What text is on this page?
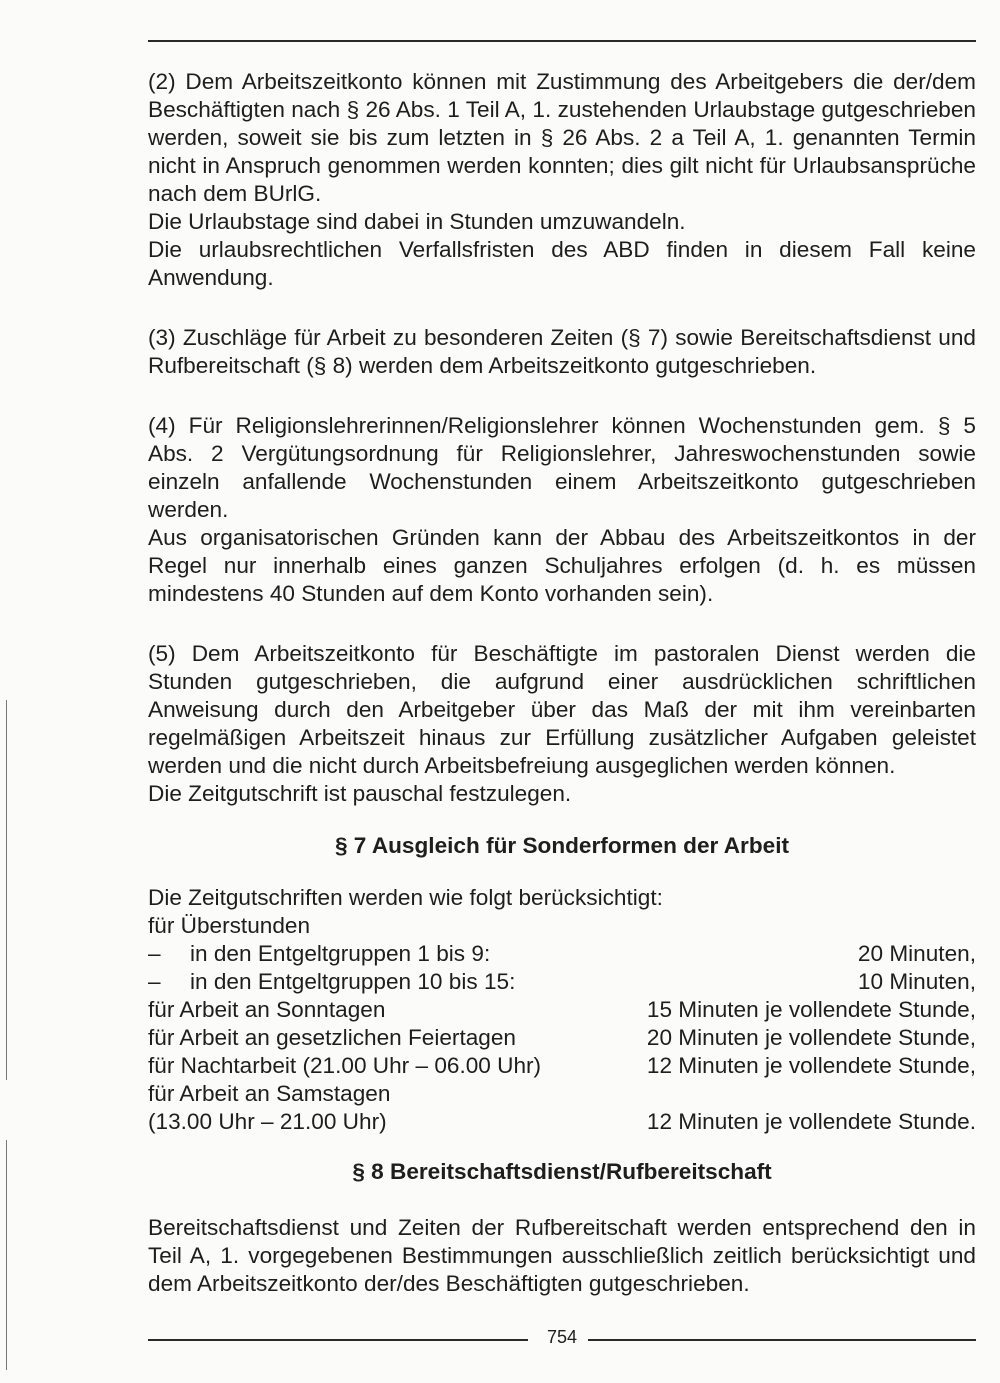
(2) Dem Arbeitszeitkonto können mit Zustimmung des Arbeitgebers die der/dem Beschäftigten nach § 26 Abs. 1 Teil A, 1. zustehenden Urlaubstage gutgeschrieben werden, soweit sie bis zum letzten in § 26 Abs. 2 a Teil A, 1. genannten Termin nicht in Anspruch genommen werden konnten; dies gilt nicht für Urlaubsansprüche nach dem BUrlG.

Die Urlaubstage sind dabei in Stunden umzuwandeln.

Die urlaubsrechtlichen Verfallsfristen des ABD finden in diesem Fall keine Anwendung.

(3) Zuschläge für Arbeit zu besonderen Zeiten (§ 7) sowie Bereitschaftsdienst und Rufbereitschaft (§ 8) werden dem Arbeitszeitkonto gutgeschrieben.

(4) Für Religionslehrerinnen/Religionslehrer können Wochenstunden gem. § 5 Abs. 2 Vergütungsordnung für Religionslehrer, Jahreswochenstunden sowie einzeln anfallende Wochenstunden einem Arbeitszeitkonto gutgeschrieben werden.

Aus organisatorischen Gründen kann der Abbau des Arbeitszeitkontos in der Regel nur innerhalb eines ganzen Schuljahres erfolgen (d. h. es müssen mindestens 40 Stunden auf dem Konto vorhanden sein).

(5) Dem Arbeitszeitkonto für Beschäftigte im pastoralen Dienst werden die Stunden gutgeschrieben, die aufgrund einer ausdrücklichen schriftlichen Anweisung durch den Arbeitgeber über das Maß der mit ihm vereinbarten regelmäßigen Arbeitszeit hinaus zur Erfüllung zusätzlicher Aufgaben geleistet werden und die nicht durch Arbeitsbefreiung ausgeglichen werden können.

Die Zeitgutschrift ist pauschal festzulegen.

§ 7 Ausgleich für Sonderformen der Arbeit

Die Zeitgutschriften werden wie folgt berücksichtigt:

für Überstunden

– in den Entgeltgruppen 1 bis 9:	20 Minuten,
– in den Entgeltgruppen 10 bis 15:	10 Minuten,
für Arbeit an Sonntagen	15 Minuten je vollendete Stunde,
für Arbeit an gesetzlichen Feiertagen	20 Minuten je vollendete Stunde,
für Nachtarbeit (21.00 Uhr – 06.00 Uhr)	12 Minuten je vollendete Stunde,
für Arbeit an Samstagen
(13.00 Uhr – 21.00 Uhr)	12 Minuten je vollendete Stunde.

§ 8 Bereitschaftsdienst/Rufbereitschaft

Bereitschaftsdienst und Zeiten der Rufbereitschaft werden entsprechend den in Teil A, 1. vorgegebenen Bestimmungen ausschließlich zeitlich berücksichtigt und dem Arbeitszeitkonto der/des Beschäftigten gutgeschrieben.

754
